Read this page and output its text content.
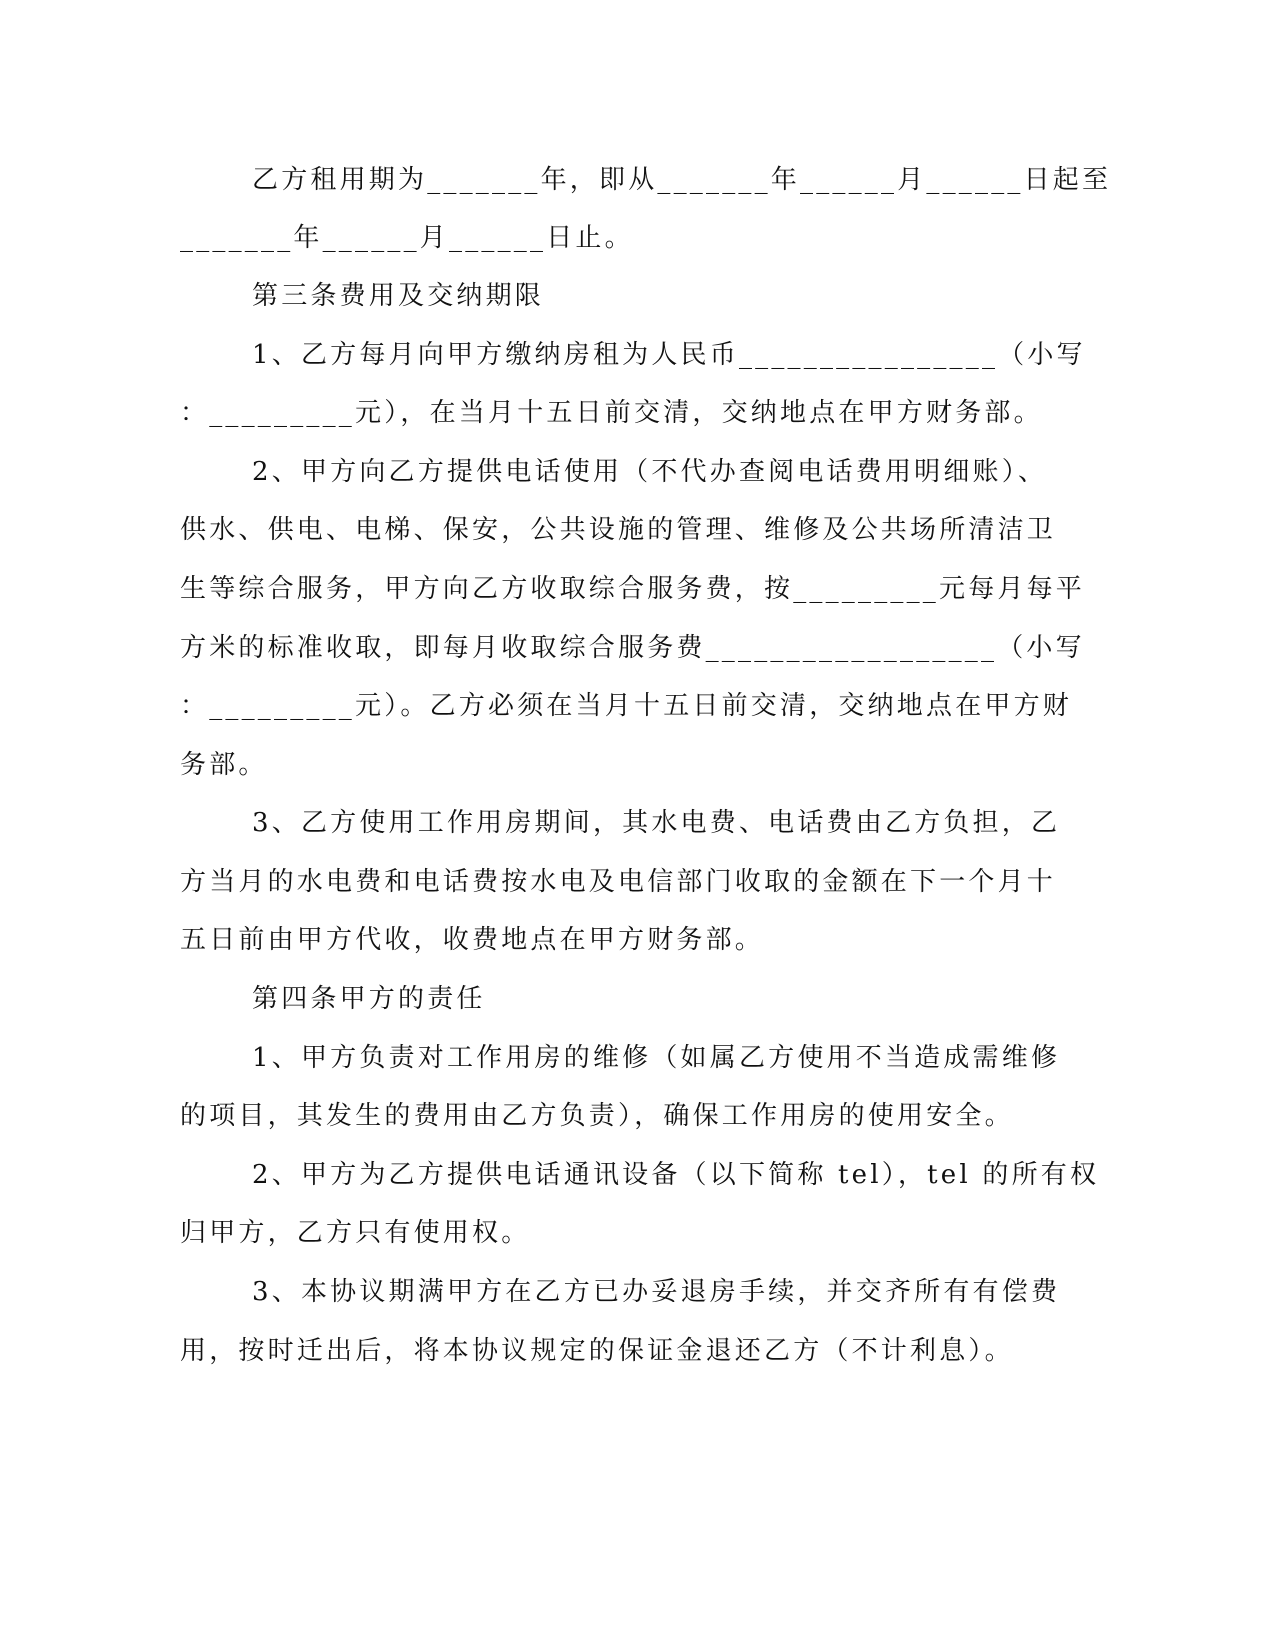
乙方租用期为_______年，即从_______年______月______日起至
_______年______月______日止。
第三条费用及交纳期限
1、乙方每月向甲方缴纳房租为人民币________________（小写
：_________元），在当月十五日前交清，交纳地点在甲方财务部。
2、甲方向乙方提供电话使用（不代办查阅电话费用明细账）、
供水、供电、电梯、保安，公共设施的管理、维修及公共场所清洁卫
生等综合服务，甲方向乙方收取综合服务费，按_________元每月每平
方米的标准收取，即每月收取综合服务费__________________（小写
：_________元）。乙方必须在当月十五日前交清，交纳地点在甲方财
务部。
3、乙方使用工作用房期间，其水电费、电话费由乙方负担，乙
方当月的水电费和电话费按水电及电信部门收取的金额在下一个月十
五日前由甲方代收，收费地点在甲方财务部。
第四条甲方的责任
1、甲方负责对工作用房的维修（如属乙方使用不当造成需维修
的项目，其发生的费用由乙方负责），确保工作用房的使用安全。
2、甲方为乙方提供电话通讯设备（以下简称 tel），tel 的所有权
归甲方，乙方只有使用权。
3、本协议期满甲方在乙方已办妥退房手续，并交齐所有有偿费
用，按时迁出后，将本协议规定的保证金退还乙方（不计利息）。
